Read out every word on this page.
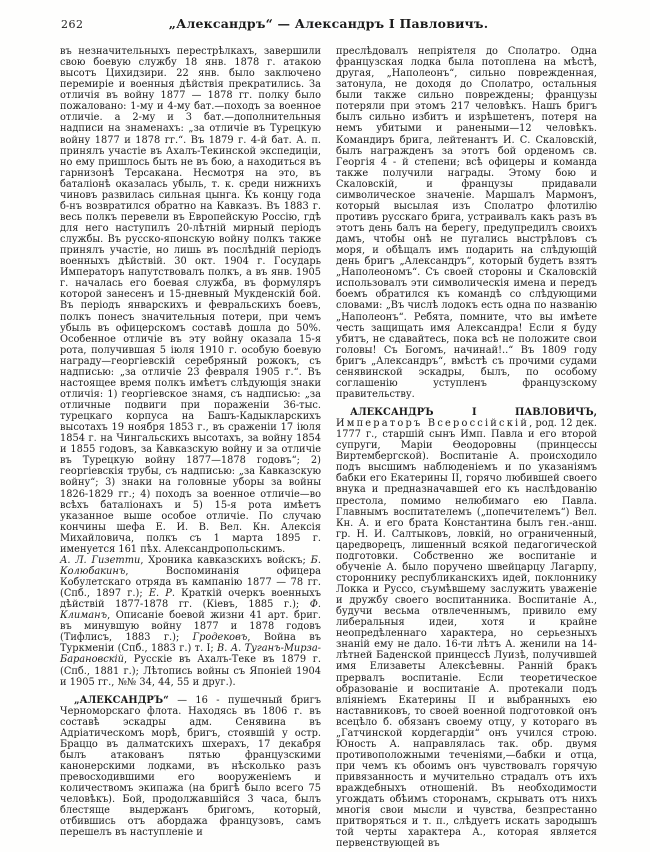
262	„Александръ“ — Александръ I Павловичъ.

въ незначительныхъ перестрѣлкахъ, завершили свою боевую службу 18 янв. 1878 г. атакою высотъ Цихидзири. 22 янв. было заключено перемиріе и военныя дѣйствія прекратились. За отличія въ войну 1877 — 1878 гг. полку было пожаловано: 1-му и 4-му бат.—походъ за военное отличіе. а 2-му и 3 бат.—дополнительныя надписи на знаменахъ: „за отличіе въ Турецкую войну 1877 и 1878 гг.“. Въ 1879 г. 4-й бат. А. п. принялъ участіе въ Ахалъ-Текинской экспедиціи, но ему пришлось быть не въ бою, а находиться въ гарнизонѣ Терсакана. Несмотря на это, въ баталіонѣ оказалась убыль, т. к. среди нижнихъ чиновъ развилась сильная цынга. Къ концу года б-нъ возвратился обратно на Кавказъ. Въ 1883 г. весь полкъ перевели въ Европейскую Россію, гдѣ для него наступилъ 20-лѣтній мирный періодъ службы. Въ русско-японскую войну полкъ также принялъ участіе, но лишь въ послѣдній періодъ военныхъ дѣйствій. 30 окт. 1904 г. Государь Императоръ напутствовалъ полкъ, а въ янв. 1905 г. началась его боевая служба, въ формуляръ которой занесенъ и 15-дневный Мукденскій бой. Въ періодъ январскихъ и февральскихъ боевъ, полкъ понесъ значительныя потери, при чемъ убыль въ офицерскомъ составѣ дошла до 50%. Особенное отличіе въ эту войну оказала 15-я рота, получившая 5 іюля 1910 г. особую боевую награду—георгіевскій серебряный рожокъ, съ надписью: „за отличіе 23 февраля 1905 г.“. Въ настоящее время полкъ имѣетъ слѣдующія знаки отличія: 1) георгіевское знамя, съ надписью: „за отличные подвиги при пораженіи 36-тыс. турецкаго корпуса на Башъ-Кадыкларскихъ высотахъ 19 ноября 1853 г., въ сраженіи 17 іюля 1854 г. на Чингальскихъ высотахъ, за войну 1854 и 1855 годовъ, за Кавказскую войну и за отличіе въ Турецкую войну 1877—1878 годовъ“; 2) георгіевскія трубы, съ надписью: „за Кавказскую войну“; 3) знаки на головные уборы за войны 1826-1829 гг.; 4) походъ за военное отличіе—во всѣхъ баталіонахъ и 5) 15-я рота имѣетъ указанное выше особое отличіе. По случаю кончины шефа Е. И. В. Вел. Кн. Алексія Михайловича, полкъ съ 1 марта 1895 г. именуется 161 пѣх. Александропольскимъ.

А. Л. Гизетти, Хроника кавказскихъ войскъ; Б. Колюбакинъ, Воспоминанія офицера Кобулетскаго отряда въ кампанію 1877 — 78 гг. (Спб., 1897 г.); Е. Р. Краткій очеркъ военныхъ дѣйствій 1877-1878 гг. (Кіевъ, 1885 г.); Ф. Климанъ, Описаніе боевой жизни 41 арт. бриг. въ минувшую войну 1877 и 1878 годовъ (Тифлисъ, 1883 г.); Гродековъ, Война въ Туркменіи (Спб., 1883 г.) т. I; В. А. Туганъ-Мирза-Барановскій, Русскіе въ Ахалъ-Теке въ 1879 г. (Спб., 1881 г.); Лѣтопись войны съ Японіей 1904 и 1905 гг., №№ 34, 44, 55 и друг.).

„АЛЕКСАНДРЪ“ — 16 - пушечный бригъ Черноморскаго флота. Находясь въ 1806 г. въ составѣ эскадры адм. Сенявина въ Адріатическомъ морѣ, бригъ, стоявшій у остр. Браццо въ далматскихъ шхерахъ, 17 декабря былъ атакованъ пятью французскими канонерскими лодками, въ нѣсколько разъ превосходившими его вооруженіемъ и количествомъ экипажа (на бригѣ было всего 75 человѣкъ). Бой, продолжавшійся 3 часа, былъ блестяще выдержанъ бригомъ, который, отбившись отъ абордажа французовъ, самъ перешелъ въ наступленіе и

преслѣдовалъ непріятеля до Сполатро. Одна французская лодка была потоплена на мѣстѣ, другая, „Наполеонъ“, сильно поврежденная, затонула, не доходя до Сполатро, остальныя были также сильно повреждены; французы потеряли при этомъ 217 человѣкъ. Нашъ бригъ былъ сильно избитъ и изрѣшетенъ, потеря на немъ убитыми и ранеными—12 человѣкъ. Командиръ брига, лейтенантъ И. С. Скаловскій, былъ награжденъ за этотъ бой орденомъ св. Георгія 4 - й степени; всѣ офицеры и команда также получили награды. Этому бою и Скаловскій, и французы придавали символическое значеніе. Маршалъ Мармонъ, который высылая изъ Сполатро флотилію противъ русскаго брига, устраивалъ какъ разъ въ этотъ день балъ на берегу, предупредилъ своихъ дамъ, чтобы онѣ не пугались выстрѣловъ съ моря, и обѣщалъ имъ подарить на слѣдующій день бригъ „Александръ“, который будетъ взятъ „Наполеономъ“. Съ своей стороны и Скаловскій использовалъ эти символическія имена и передъ боемъ обратился къ командѣ со слѣдующими словами: „Въ числѣ лодокъ есть одна по названію „Наполеонъ“. Ребята, помните, что вы имѣете честь защищать имя Александра! Если я буду убитъ, не сдавайтесь, пока всѣ не положите свои головы! Съ Богомъ, начинай!..“ Въ 1809 году бригъ „Александръ“, вмѣстѣ съ прочими судами сенявинской эскадры, былъ, по особому соглашенію уступленъ французскому правительству.

АЛЕКСАНДРЪ I ПАВЛОВИЧЪ, Императоръ Всероссійскій, род. 12 дек. 1777 г., старшій сынъ Имп. Павла и его второй супруги, Маріи Ѳеодоровны (принцессы Виртембергской). Воспитаніе А. происходило подъ высшимъ наблюденіемъ и по указаніямъ бабки его Екатерины II, горячо любившей своего внука и предназначавшей его къ наслѣдованію престола, помимо нелюбимаго ею Павла. Главнымъ воспитателемъ („попечителемъ“) Вел. Кн. А. и его брата Константина былъ ген.-анш. гр. Н. И. Салтыковъ, ловкій, но ограниченный, царедворецъ, лишенный всякой педагогической подготовки. Собственно же воспитаніе и обученіе А. было поручено швейцарцу Лагарпу, стороннику республиканскихъ идей, поклоннику Локка и Руссо, съумѣвшему заслужить уваженіе и дружбу своего воспитанника. Воспитаніе А., будучи весьма отвлеченнымъ, привило ему либеральныя идеи, хотя и крайне неопредѣленнаго характера, но серьезныхъ знаній ему не дало. 16-ти лѣтъ А. женили на 14-лѣтней Баденской принцессѣ Луизѣ, получившей имя Елизаветы Алексѣевны. Ранній бракъ прервалъ воспитаніе. Если теоретическое образованіе и воспитаніе А. протекали подъ вліяніемъ Екатерины II и выбранныхъ ею наставниковъ, то своей военной подготовкой онъ всецѣло б. обязанъ своему отцу, у котораго въ „Гатчинской кордегардіи“ онъ учился строю. Юность А. направлялась так. обр. двумя противоположными теченіями,—бабки и отца, при чемъ къ обоимъ онъ чувствовалъ горячую привязанность и мучительно страдалъ отъ ихъ враждебныхъ отношеній. Въ необходимости угождать обѣимъ сторонамъ, скрывать отъ нихъ многія свои мысли и чувства, безпрестанно притворяться и т. п., слѣдуетъ искать зародышъ той черты характера А., которая является первенствующей въ
